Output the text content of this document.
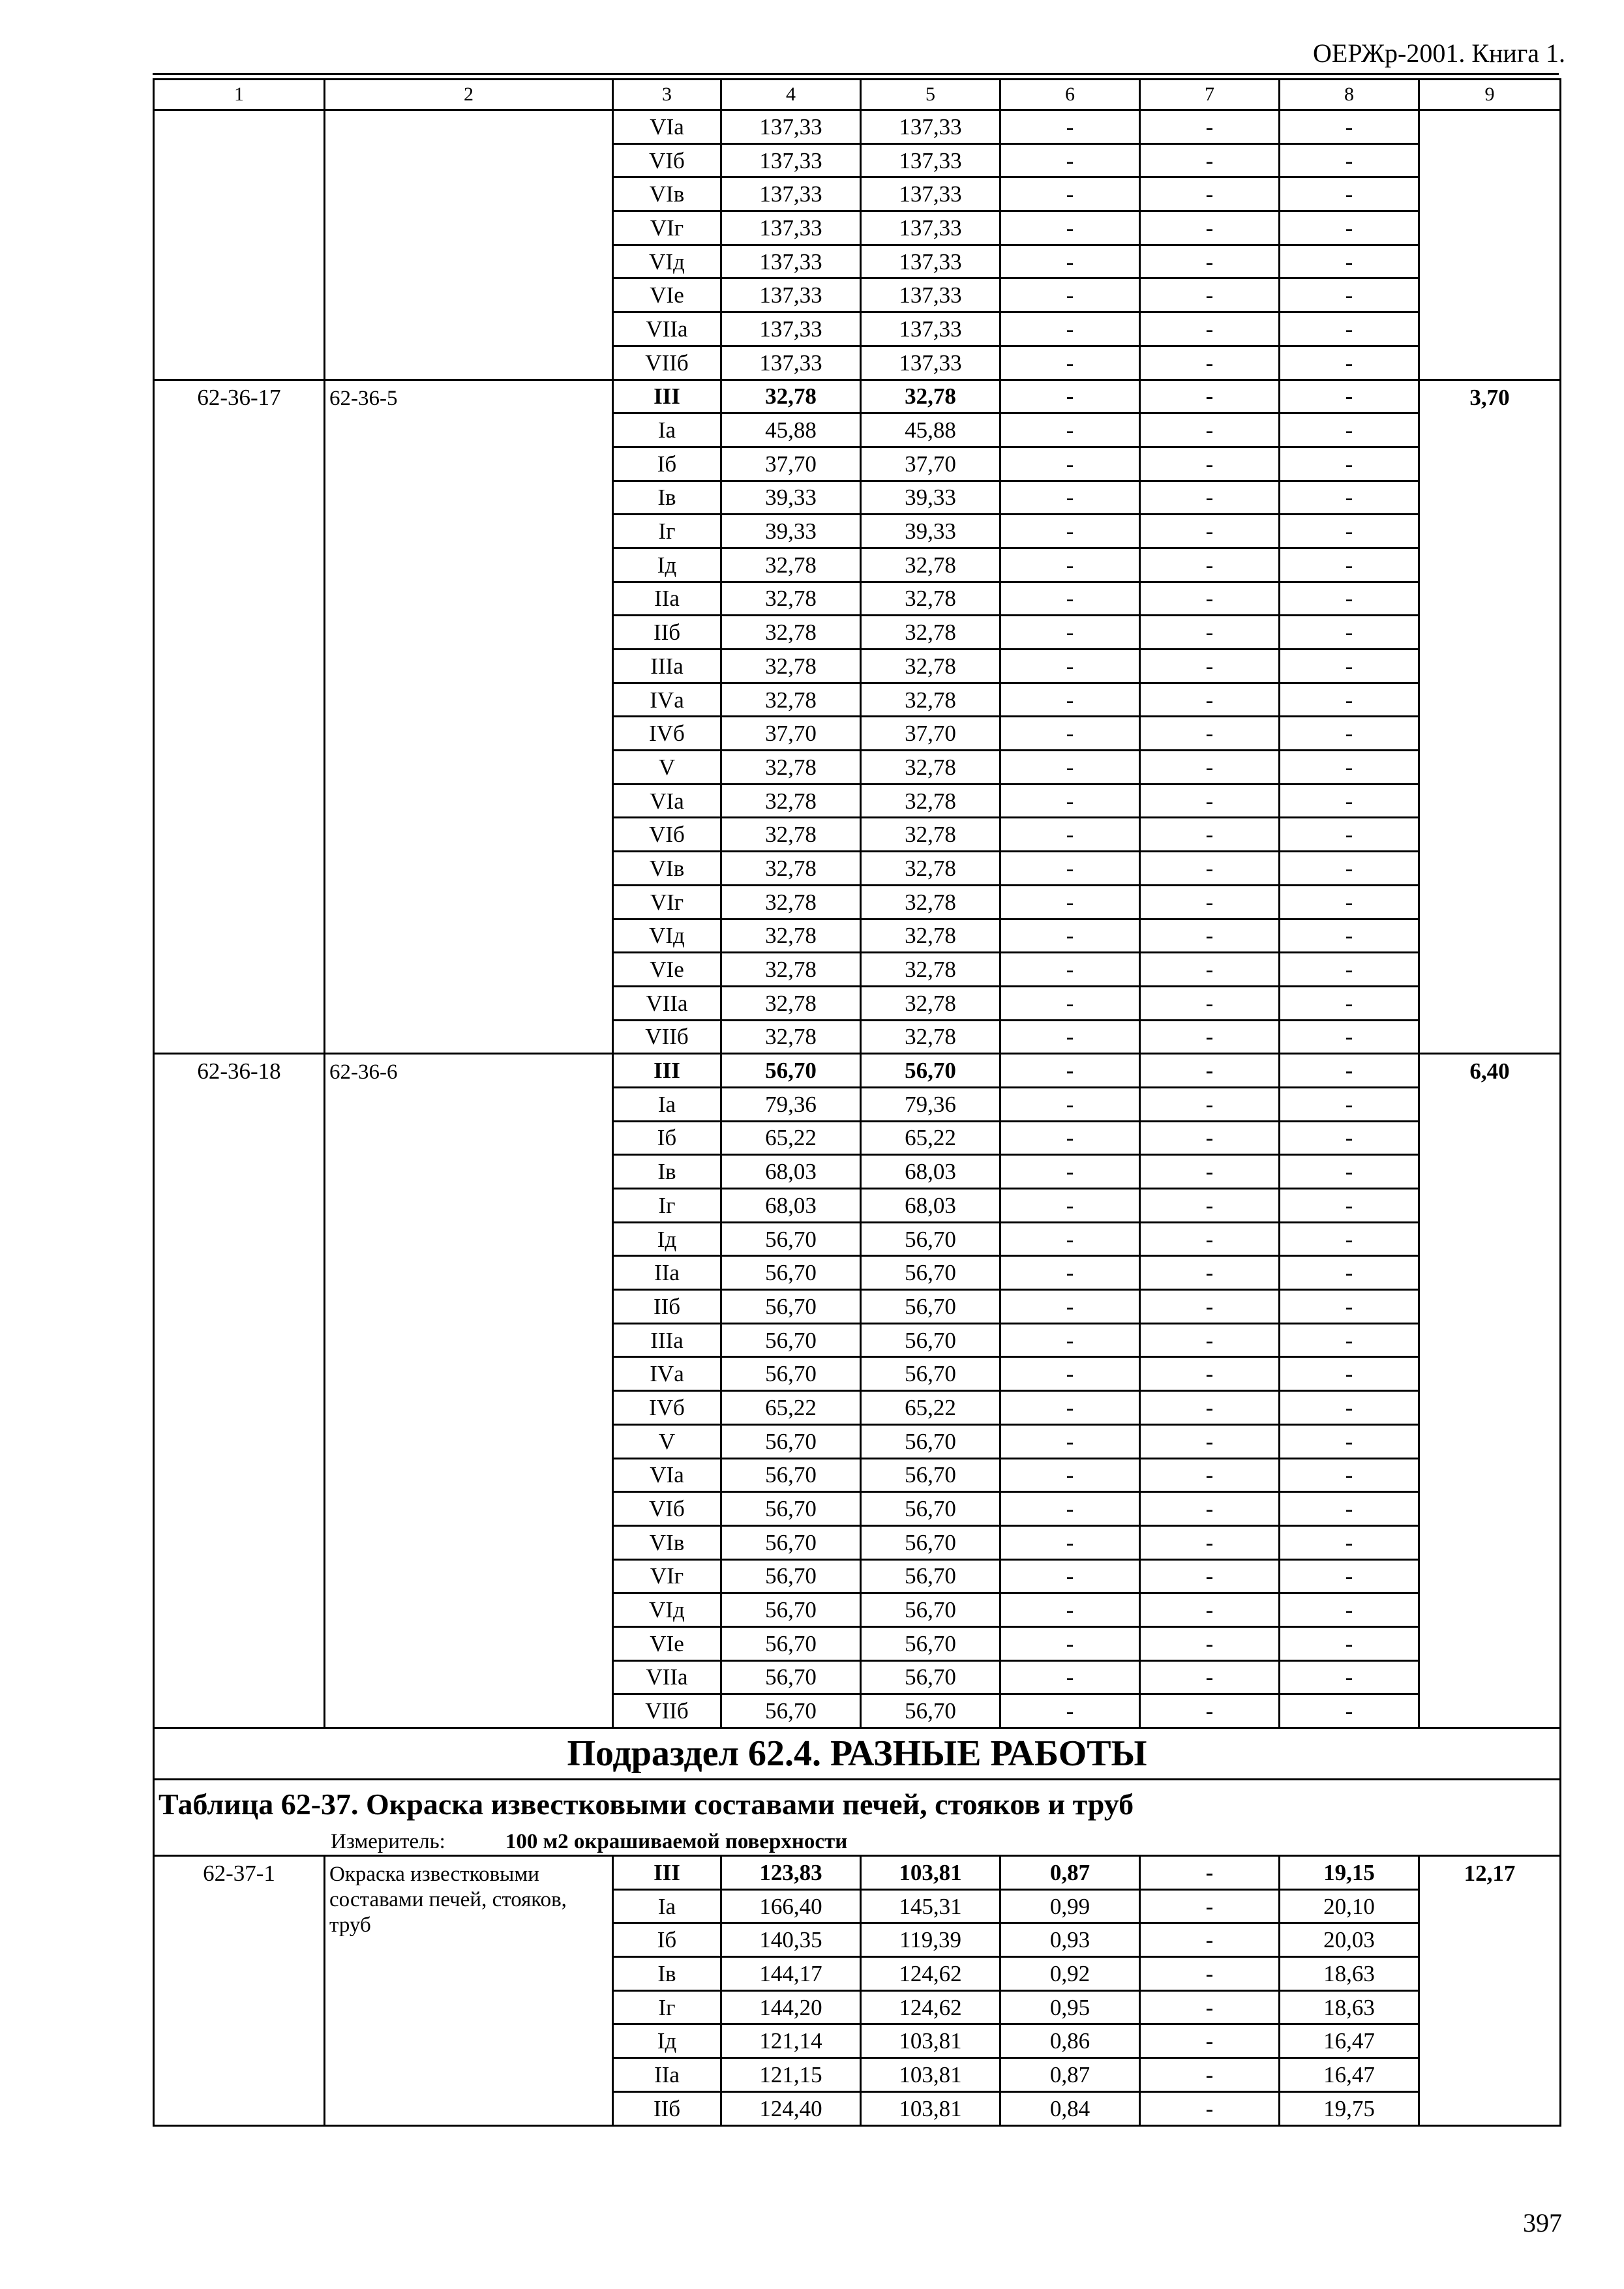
ОЕРЖр-2001. Книга 1.
1	2	3	4	5	6	7	8	9
		VIа	137,33	137,33	-	-	-	
		VIб	137,33	137,33	-	-	-	
		VIв	137,33	137,33	-	-	-	
		VIг	137,33	137,33	-	-	-	
		VIд	137,33	137,33	-	-	-	
		VIе	137,33	137,33	-	-	-	
		VIIа	137,33	137,33	-	-	-	
		VIIб	137,33	137,33	-	-	-	
62-36-17	62-36-5	III	32,78	32,78	-	-	-	3,70
		Iа	45,88	45,88	-	-	-	
		Iб	37,70	37,70	-	-	-	
		Iв	39,33	39,33	-	-	-	
		Iг	39,33	39,33	-	-	-	
		Iд	32,78	32,78	-	-	-	
		IIа	32,78	32,78	-	-	-	
		IIб	32,78	32,78	-	-	-	
		IIIа	32,78	32,78	-	-	-	
		IVа	32,78	32,78	-	-	-	
		IVб	37,70	37,70	-	-	-	
		V	32,78	32,78	-	-	-	
		VIа	32,78	32,78	-	-	-	
		VIб	32,78	32,78	-	-	-	
		VIв	32,78	32,78	-	-	-	
		VIг	32,78	32,78	-	-	-	
		VIд	32,78	32,78	-	-	-	
		VIе	32,78	32,78	-	-	-	
		VIIа	32,78	32,78	-	-	-	
		VIIб	32,78	32,78	-	-	-	
62-36-18	62-36-6	III	56,70	56,70	-	-	-	6,40
		Iа	79,36	79,36	-	-	-	
		Iб	65,22	65,22	-	-	-	
		Iв	68,03	68,03	-	-	-	
		Iг	68,03	68,03	-	-	-	
		Iд	56,70	56,70	-	-	-	
		IIа	56,70	56,70	-	-	-	
		IIб	56,70	56,70	-	-	-	
		IIIа	56,70	56,70	-	-	-	
		IVа	56,70	56,70	-	-	-	
		IVб	65,22	65,22	-	-	-	
		V	56,70	56,70	-	-	-	
		VIа	56,70	56,70	-	-	-	
		VIб	56,70	56,70	-	-	-	
		VIв	56,70	56,70	-	-	-	
		VIг	56,70	56,70	-	-	-	
		VIд	56,70	56,70	-	-	-	
		VIе	56,70	56,70	-	-	-	
		VIIа	56,70	56,70	-	-	-	
		VIIб	56,70	56,70	-	-	-	
Подраздел 62.4. РАЗНЫЕ РАБОТЫ								
Таблица 62-37. Окраска известковыми составами печей, стояков и труб								
Измеритель: 100 м2 окрашиваемой поверхности								
62-37-1	Окраска известковыми составами печей, стояков, труб	III	123,83	103,81	0,87	-	19,15	12,17
		Iа	166,40	145,31	0,99	-	20,10	
		Iб	140,35	119,39	0,93	-	20,03	
		Iв	144,17	124,62	0,92	-	18,63	
		Iг	144,20	124,62	0,95	-	18,63	
		Iд	121,14	103,81	0,86	-	16,47	
		IIа	121,15	103,81	0,87	-	16,47	
		IIб	124,40	103,81	0,84	-	19,75	
397
